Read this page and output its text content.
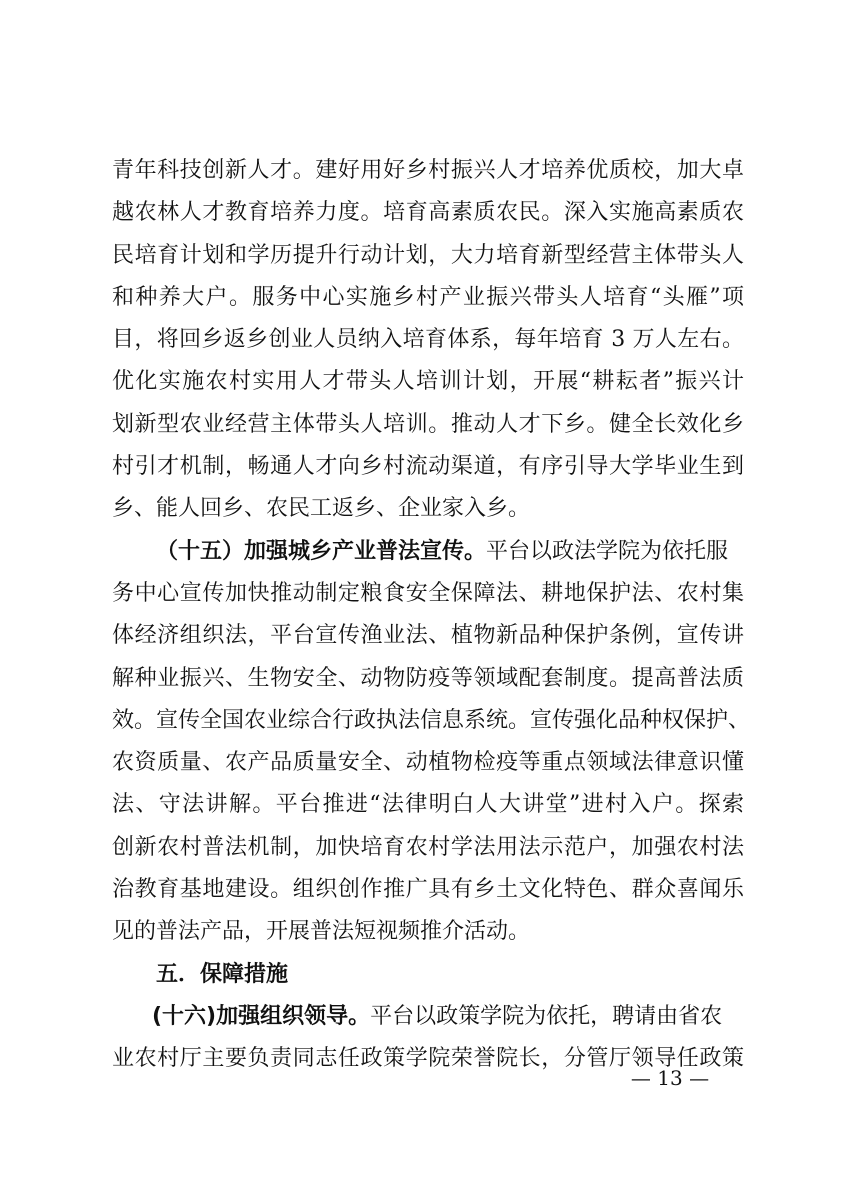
青年科技创新人才。建好用好乡村振兴人才培养优质校，加大卓
越农林人才教育培养力度。培育高素质农民。深入实施高素质农
民培育计划和学历提升行动计划，大力培育新型经营主体带头人
和种养大户。服务中心实施乡村产业振兴带头人培育“头雁”项
目，将回乡返乡创业人员纳入培育体系，每年培育 3 万人左右。
优化实施农村实用人才带头人培训计划，开展“耕耘者”振兴计
划新型农业经营主体带头人培训。推动人才下乡。健全长效化乡
村引才机制，畅通人才向乡村流动渠道，有序引导大学毕业生到
乡、能人回乡、农民工返乡、企业家入乡。
（十五）加强城乡产业普法宣传。平台以政法学院为依托服
务中心宣传加快推动制定粮食安全保障法、耕地保护法、农村集
体经济组织法，平台宣传渔业法、植物新品种保护条例，宣传讲
解种业振兴、生物安全、动物防疫等领域配套制度。提高普法质
效。宣传全国农业综合行政执法信息系统。宣传强化品种权保护、
农资质量、农产品质量安全、动植物检疫等重点领域法律意识懂
法、守法讲解。平台推进“法律明白人大讲堂”进村入户。探索
创新农村普法机制，加快培育农村学法用法示范户，加强农村法
治教育基地建设。组织创作推广具有乡土文化特色、群众喜闻乐
见的普法产品，开展普法短视频推介活动。
五．保障措施
(十六)加强组织领导。平台以政策学院为依托，聘请由省农
业农村厅主要负责同志任政策学院荣誉院长，分管厅领导任政策
— 13 —
